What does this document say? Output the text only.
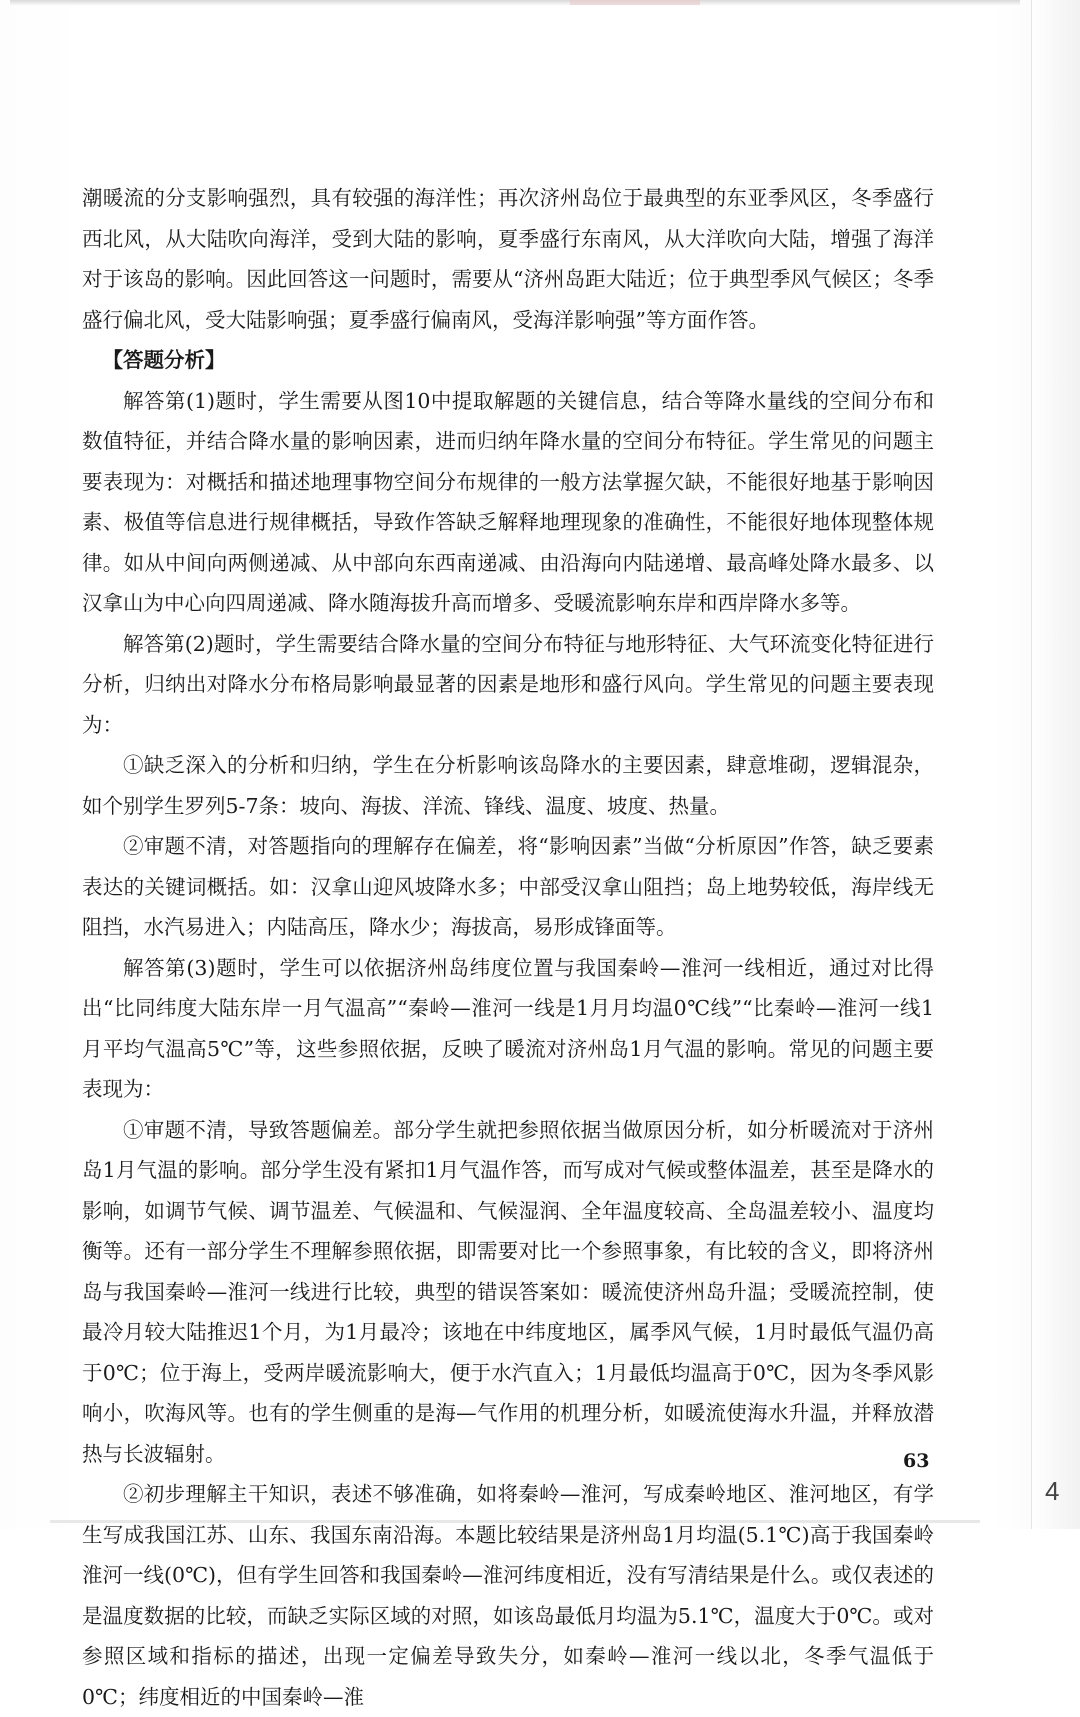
潮暖流的分支影响强烈，具有较强的海洋性；再次济州岛位于最典型的东亚季风区，冬季盛行西北风，从大陆吹向海洋，受到大陆的影响，夏季盛行东南风，从大洋吹向大陆，增强了海洋对于该岛的影响。因此回答这一问题时，需要从“济州岛距大陆近；位于典型季风气候区；冬季盛行偏北风，受大陆影响强；夏季盛行偏南风，受海洋影响强”等方面作答。

【答题分析】

解答第(1)题时，学生需要从图10中提取解题的关键信息，结合等降水量线的空间分布和数值特征，并结合降水量的影响因素，进而归纳年降水量的空间分布特征。学生常见的问题主要表现为：对概括和描述地理事物空间分布规律的一般方法掌握欠缺，不能很好地基于影响因素、极值等信息进行规律概括，导致作答缺乏解释地理现象的准确性，不能很好地体现整体规律。如从中间向两侧递减、从中部向东西南递减、由沿海向内陆递增、最高峰处降水最多、以汉拿山为中心向四周递减、降水随海拔升高而增多、受暖流影响东岸和西岸降水多等。

解答第(2)题时，学生需要结合降水量的空间分布特征与地形特征、大气环流变化特征进行分析，归纳出对降水分布格局影响最显著的因素是地形和盛行风向。学生常见的问题主要表现为：

①缺乏深入的分析和归纳，学生在分析影响该岛降水的主要因素，肆意堆砌，逻辑混杂，如个别学生罗列5-7条：坡向、海拔、洋流、锋线、温度、坡度、热量。

②审题不清，对答题指向的理解存在偏差，将“影响因素”当做“分析原因”作答，缺乏要素表达的关键词概括。如：汉拿山迎风坡降水多；中部受汉拿山阻挡；岛上地势较低，海岸线无阻挡，水汽易进入；内陆高压，降水少；海拔高，易形成锋面等。

解答第(3)题时，学生可以依据济州岛纬度位置与我国秦岭—淮河一线相近，通过对比得出“比同纬度大陆东岸一月气温高”“秦岭—淮河一线是1月月均温0℃线”“比秦岭—淮河一线1月平均气温高5℃”等，这些参照依据，反映了暖流对济州岛1月气温的影响。常见的问题主要表现为：

①审题不清，导致答题偏差。部分学生就把参照依据当做原因分析，如分析暖流对于济州岛1月气温的影响。部分学生没有紧扣1月气温作答，而写成对气候或整体温差，甚至是降水的影响，如调节气候、调节温差、气候温和、气候湿润、全年温度较高、全岛温差较小、温度均衡等。还有一部分学生不理解参照依据，即需要对比一个参照事象，有比较的含义，即将济州岛与我国秦岭—淮河一线进行比较，典型的错误答案如：暖流使济州岛升温；受暖流控制，使最冷月较大陆推迟1个月，为1月最冷；该地在中纬度地区，属季风气候，1月时最低气温仍高于0℃；位于海上，受两岸暖流影响大，便于水汽直入；1月最低均温高于0℃，因为冬季风影响小，吹海风等。也有的学生侧重的是海—气作用的机理分析，如暖流使海水升温，并释放潜热与长波辐射。

②初步理解主干知识，表述不够准确，如将秦岭—淮河，写成秦岭地区、淮河地区，有学生写成我国江苏、山东、我国东南沿海。本题比较结果是济州岛1月均温(5.1℃)高于我国秦岭淮河一线(0℃)，但有学生回答和我国秦岭—淮河纬度相近，没有写清结果是什么。或仅表述的是温度数据的比较，而缺乏实际区域的对照，如该岛最低月均温为5.1℃，温度大于0℃。或对参照区域和指标的描述，出现一定偏差导致失分，如秦岭—淮河一线以北，冬季气温低于0℃；纬度相近的中国秦岭—淮

63
4
